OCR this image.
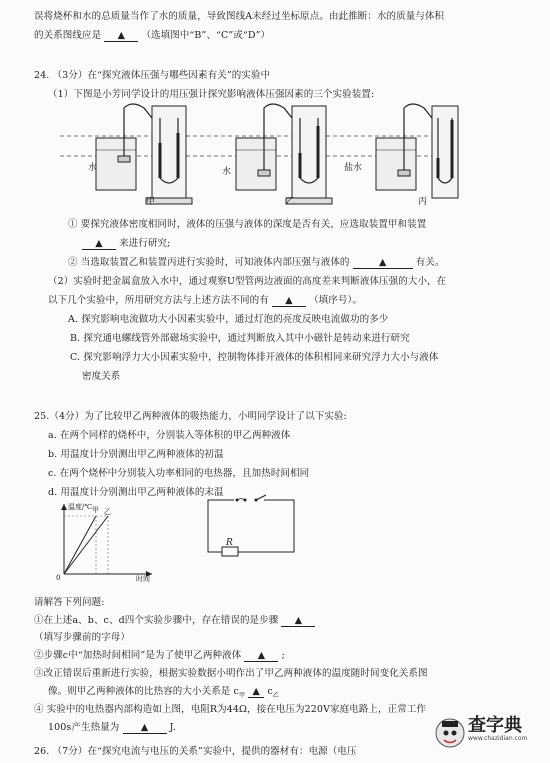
误将烧杯和水的总质量当作了水的质量，导致图线A未经过坐标原点。由此推断：水的质量与体积
的关系图线应是 ▲ （选填图中“B”、“C”或“D”）
24. （3分）在“探究液体压强与哪些因素有关”的实验中
（1）下图是小芳同学设计的用压强计探究影响液体压强因素的三个实验装置:
水	水	盐水
甲	乙	丙
① 要探究液体密度相同时，液体的压强与液体的深度是否有关，应选取装置甲和装置
▲ 来进行研究;
② 当选取装置乙和装置丙进行实验时，可知液体内部压强与液体的	▲	有关。
（2）实验时把金属盒放入水中，通过观察U型管两边液面的高度差来判断液体压强的大小，在
以下几个实验中，所用研究方法与上述方法不同的有 ▲ （填序号）。
A. 探究影响电流做功大小因素实验中，通过灯泡的亮度反映电流做功的多少
B. 探究通电螺线管外部磁场实验中，通过判断放入其中小磁针是转动来进行研究
C. 探究影响浮力大小因素实验中，控制物体排开液体的体积相同来研究浮力大小与液体
密度关系
25.（4分）为了比较甲乙两种液体的吸热能力，小明同学设计了以下实验:
a. 在两个同样的烧杯中，分别装入等体积的甲乙两种液体
b. 用温度计分别测出甲乙两种液体的初温
c. 在两个烧杯中分别装入功率相同的电热器，且加热时间相同
d. 用温度计分别测出甲乙两种液体的末温
温度/℃ 甲 乙
0	时间
R
请解答下列问题:
①在上述a、b、c、d四个实验步骤中，存在错误的是步骤 ▲
（填写步骤前的字母）
②步骤c中“加热时间相同”是为了使甲乙两种液体 ▲ ;
③改正错误后重新进行实验，根据实验数据小明作出了甲乙两种液体的温度随时间变化关系图
像。则甲乙两种液体的比热容的大小关系是 $c_甲$ ▲ $c_乙$
④ 实验中的电热器内部构造如上图，电阻R为44Ω，接在电压为220V家庭电路上，正常工作
100s产生热量为 ▲ J.
26. （7分）在“探究电流与电压的关系”实验中，提供的器材有：电源（电压
查字典
www.chazidian.com
